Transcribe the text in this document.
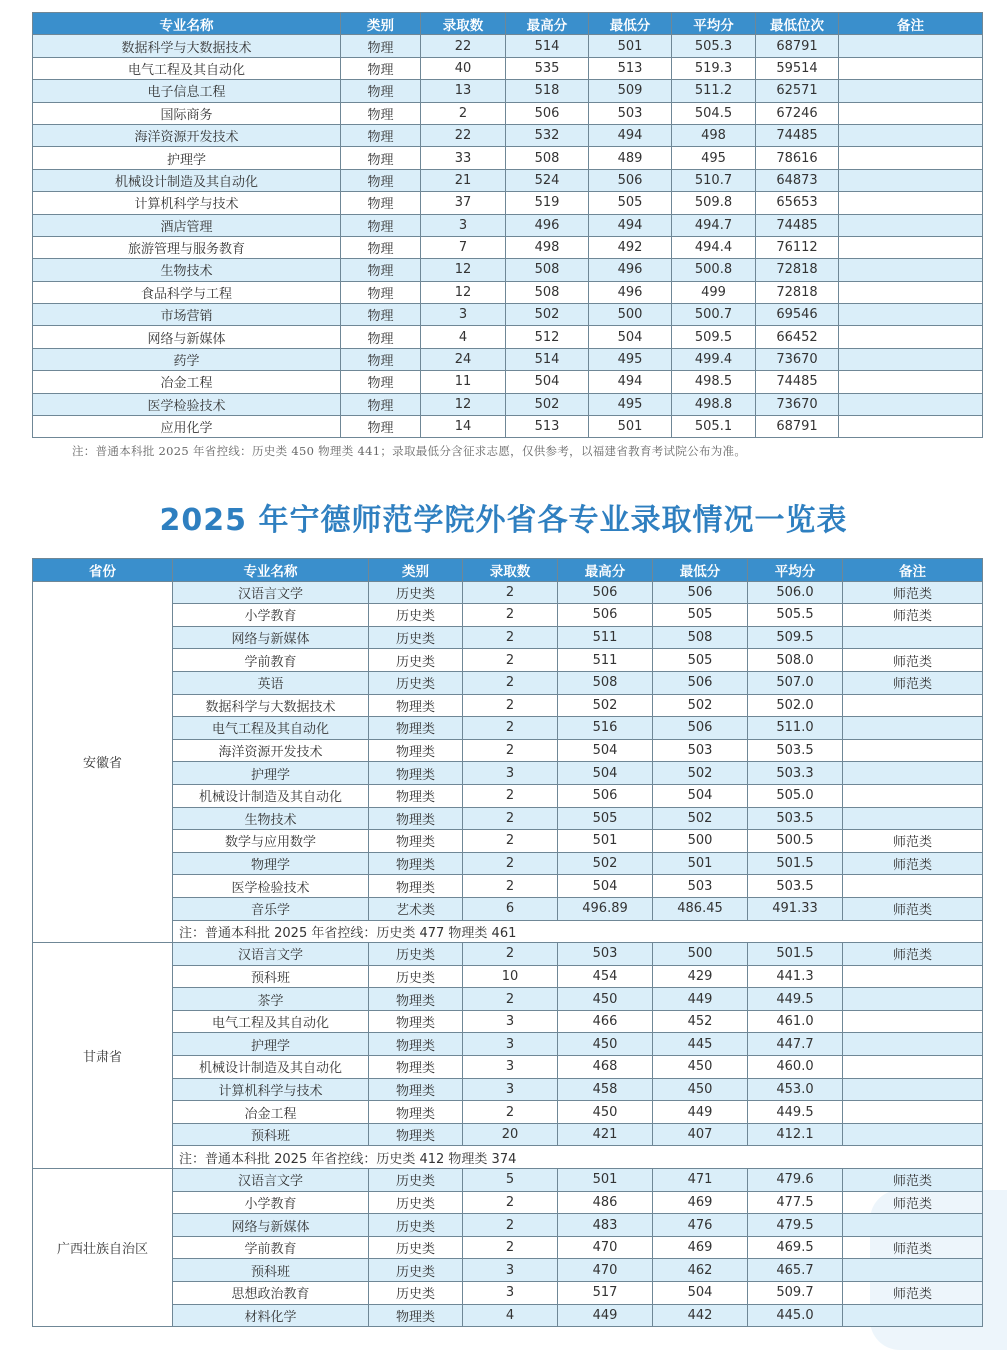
专业名称	类别	录取数	最高分	最低分	平均分	最低位次	备注
数据科学与大数据技术	物理	22	514	501	505.3	68791	
电气工程及其自动化	物理	40	535	513	519.3	59514	
电子信息工程	物理	13	518	509	511.2	62571	
国际商务	物理	2	506	503	504.5	67246	
海洋资源开发技术	物理	22	532	494	498	74485	
护理学	物理	33	508	489	495	78616	
机械设计制造及其自动化	物理	21	524	506	510.7	64873	
计算机科学与技术	物理	37	519	505	509.8	65653	
酒店管理	物理	3	496	494	494.7	74485	
旅游管理与服务教育	物理	7	498	492	494.4	76112	
生物技术	物理	12	508	496	500.8	72818	
食品科学与工程	物理	12	508	496	499	72818	
市场营销	物理	3	502	500	500.7	69546	
网络与新媒体	物理	4	512	504	509.5	66452	
药学	物理	24	514	495	499.4	73670	
冶金工程	物理	11	504	494	498.5	74485	
医学检验技术	物理	12	502	495	498.8	73670	
应用化学	物理	14	513	501	505.1	68791	
注：普通本科批 2025 年省控线：历史类 450 物理类 441；录取最低分含征求志愿，仅供参考，以福建省教育考试院公布为准。
2025 年宁德师范学院外省各专业录取情况一览表
省份	专业名称	类别	录取数	最高分	最低分	平均分	备注
安徽省	汉语言文学	历史类	2	506	506	506.0	师范类
	小学教育	历史类	2	506	505	505.5	师范类
	网络与新媒体	历史类	2	511	508	509.5	
	学前教育	历史类	2	511	505	508.0	师范类
	英语	历史类	2	508	506	507.0	师范类
	数据科学与大数据技术	物理类	2	502	502	502.0	
	电气工程及其自动化	物理类	2	516	506	511.0	
	海洋资源开发技术	物理类	2	504	503	503.5	
	护理学	物理类	3	504	502	503.3	
	机械设计制造及其自动化	物理类	2	506	504	505.0	
	生物技术	物理类	2	505	502	503.5	
	数学与应用数学	物理类	2	501	500	500.5	师范类
	物理学	物理类	2	502	501	501.5	师范类
	医学检验技术	物理类	2	504	503	503.5	
	音乐学	艺术类	6	496.89	486.45	491.33	师范类
	注：普通本科批 2025 年省控线：历史类 477 物理类 461						
甘肃省	汉语言文学	历史类	2	503	500	501.5	师范类
	预科班	历史类	10	454	429	441.3	
	茶学	物理类	2	450	449	449.5	
	电气工程及其自动化	物理类	3	466	452	461.0	
	护理学	物理类	3	450	445	447.7	
	机械设计制造及其自动化	物理类	3	468	450	460.0	
	计算机科学与技术	物理类	3	458	450	453.0	
	冶金工程	物理类	2	450	449	449.5	
	预科班	物理类	20	421	407	412.1	
	注：普通本科批 2025 年省控线：历史类 412 物理类 374						
广西壮族自治区	汉语言文学	历史类	5	501	471	479.6	师范类
	小学教育	历史类	2	486	469	477.5	师范类
	网络与新媒体	历史类	2	483	476	479.5	
	学前教育	历史类	2	470	469	469.5	师范类
	预科班	历史类	3	470	462	465.7	
	思想政治教育	历史类	3	517	504	509.7	师范类
	材料化学	物理类	4	449	442	445.0	
